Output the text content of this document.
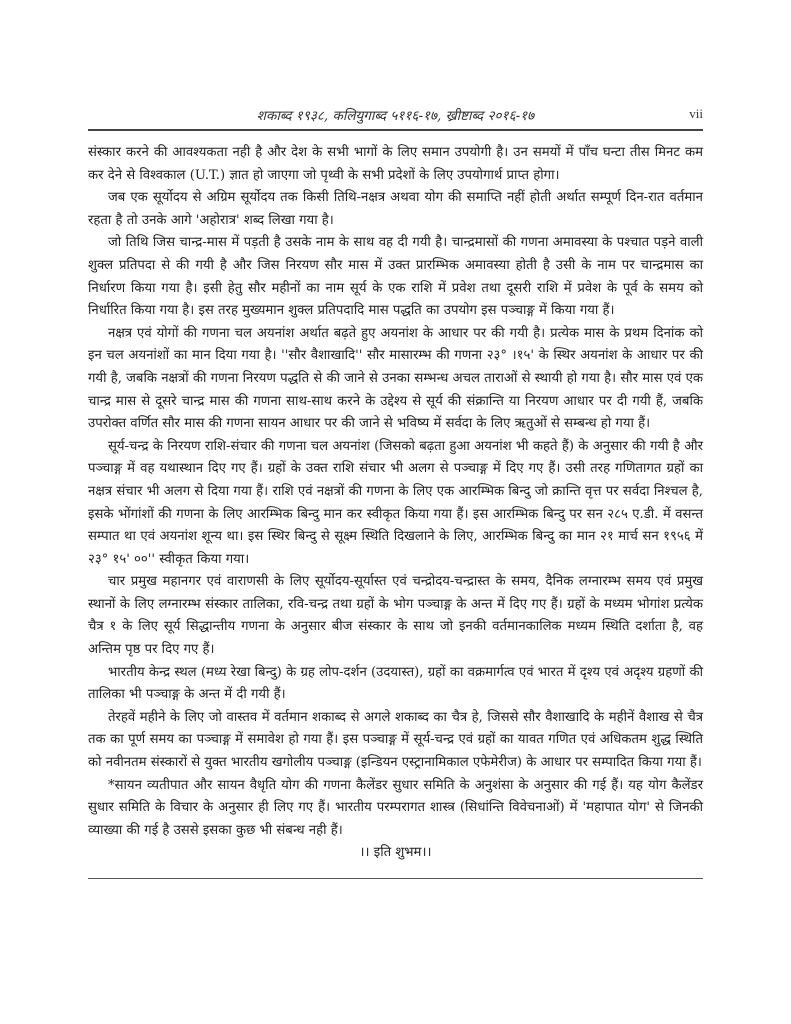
शकाब्द १९३८, कलियुगाब्द ५११६-१७, ख्रीष्टाब्द २०१६-१७	vii

संस्कार करने की आवश्यकता नही है और देश के सभी भागों के लिए समान उपयोगी है। उन समयों में पाँच घन्टा तीस मिनट कम कर देने से विश्वकाल (U.T.) ज्ञात हो जाएगा जो पृथ्वी के सभी प्रदेशों के लिए उपयोगार्थ प्राप्त होगा।

जब एक सूर्योदय से अग्रिम सूर्योदय तक किसी तिथि-नक्षत्र अथवा योग की समाप्ति नहीं होती अर्थात सम्पूर्ण दिन-रात वर्तमान रहता है तो उनके आगे 'अहोरात्र' शब्द लिखा गया है।

जो तिथि जिस चान्द्र-मास में पड़ती है उसके नाम के साथ वह दी गयी है। चान्द्रमासों की गणना अमावस्या के पश्चात पड़ने वाली शुक्ल प्रतिपदा से की गयी है और जिस निरयण सौर मास में उक्त प्रारम्भिक अमावस्या होती है उसी के नाम पर चान्द्रमास का निर्धारण किया गया है। इसी हेतु सौर महीनों का नाम सूर्य के एक राशि में प्रवेश तथा दूसरी राशि में प्रवेश के पूर्व के समय को निर्धारित किया गया है। इस तरह मुख्यमान शुक्ल प्रतिपदादि मास पद्धति का उपयोग इस पञ्चाङ्ग में किया गया हैं।

नक्षत्र एवं योगों की गणना चल अयनांश अर्थात बढ़ते हुए अयनांश के आधार पर की गयी है। प्रत्येक मास के प्रथम दिनांक को इन चल अयनांशों का मान दिया गया है। ''सौर वैशाखादि'' सौर मासारम्भ की गणना २३° ।१५' के स्थिर अयनांश के आधार पर की गयी है, जबकि नक्षत्रों की गणना निरयण पद्धति से की जाने से उनका सम्भन्ध अचल ताराओं से स्थायी हो गया है। सौर मास एवं एक चान्द्र मास से दूसरे चान्द्र मास की गणना साथ-साथ करने के उद्देश्य से सूर्य की संक्रान्ति या निरयण आधार पर दी गयी हैं, जबकि उपरोक्त वर्णित सौर मास की गणना सायन आधार पर की जाने से भविष्य में सर्वदा के लिए ऋतुओं से सम्बन्ध हो गया हैं।

सूर्य-चन्द्र के निरयण राशि-संचार की गणना चल अयनांश (जिसको बढ़ता हुआ अयनांश भी कहते हैं) के अनुसार की गयी है और पञ्चाङ्ग में वह यथास्थान दिए गए हैं। ग्रहों के उक्त राशि संचार भी अलग से पञ्चाङ्ग में दिए गए हैं। उसी तरह गणितागत ग्रहों का नक्षत्र संचार भी अलग से दिया गया हैं। राशि एवं नक्षत्रों की गणना के लिए एक आरम्भिक बिन्दु जो क्रान्ति वृत्त पर सर्वदा निश्चल है, इसके भोंगांशों की गणना के लिए आरम्भिक बिन्दु मान कर स्वीकृत किया गया हैं। इस आरम्भिक बिन्दु पर सन २८५ ए.डी. में वसन्त सम्पात था एवं अयनांश शून्य था। इस स्थिर बिन्दु से सूक्ष्म स्थिति दिखलाने के लिए, आरम्भिक बिन्दु का मान २१ मार्च सन १९५६ में २३° १५' ००'' स्वीकृत किया गया।

चार प्रमुख महानगर एवं वाराणसी के लिए सूर्योदय-सूर्यास्त एवं चन्द्रोदय-चन्द्रास्त के समय, दैनिक लग्नारम्भ समय एवं प्रमुख स्थानों के लिए लग्नारम्भ संस्कार तालिका, रवि-चन्द्र तथा ग्रहों के भोग पञ्चाङ्ग के अन्त में दिए गए हैं। ग्रहों के मध्यम भोगांश प्रत्येक चैत्र १ के लिए सूर्य सिद्धान्तीय गणना के अनुसार बीज संस्कार के साथ जो इनकी वर्तमानकालिक मध्यम स्थिति दर्शाता है, वह अन्तिम पृष्ठ पर दिए गए हैं।

भारतीय केन्द्र स्थल (मध्य रेखा बिन्दु) के ग्रह लोप-दर्शन (उदयास्त), ग्रहों का वक्रमार्गत्व एवं भारत में दृश्य एवं अदृश्य ग्रहणों की तालिका भी पञ्चाङ्ग के अन्त में दी गयी हैं।

तेरहवें महीने के लिए जो वास्तव में वर्तमान शकाब्द से अगले शकाब्द का चैत्र हे, जिससे सौर वैशाखादि के महीनें वैशाख से चैत्र तक का पूर्ण समय का पञ्चाङ्ग में समावेश हो गया हैं। इस पञ्चाङ्ग में सूर्य-चन्द्र एवं ग्रहों का यावत गणित एवं अधिकतम शुद्ध स्थिति को नवीनतम संस्कारों से युक्त भारतीय खगोलीय पञ्चाङ्ग (इन्डियन एस्ट्रानामिकाल एफेमेरीज) के आधार पर सम्पादित किया गया हैं।

*सायन व्यतीपात और सायन वैधृति योग की गणना कैलेंडर सुधार समिति के अनुशंसा के अनुसार की गई हैं। यह योग कैलेंडर सुधार समिति के विचार के अनुसार ही लिए गए हैं। भारतीय परम्परागत शास्त्र (सिधांन्ति विवेचनाओं) में 'महापात योग' से जिनकी व्याख्या की गई है उससे इसका कुछ भी संबन्ध नही हैं।

।। इति शुभम।।
